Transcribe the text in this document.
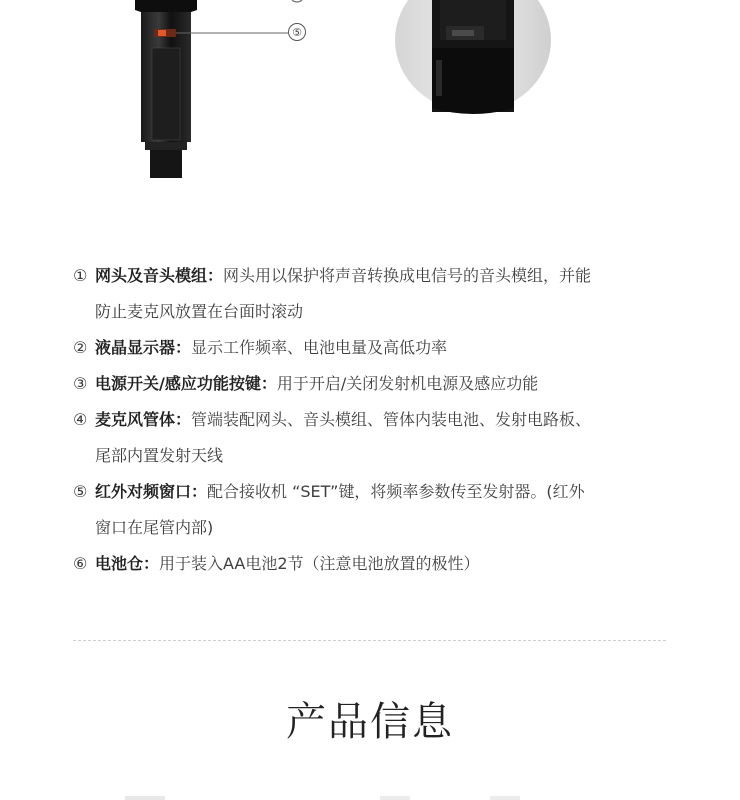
⑤
① 网头及音头模组：网头用以保护将声音转换成电信号的音头模组，并能
防止麦克风放置在台面时滚动
② 液晶显示器：显示工作频率、电池电量及高低功率
③ 电源开关/感应功能按键：用于开启/关闭发射机电源及感应功能
④ 麦克风管体：管端装配网头、音头模组、管体内装电池、发射电路板、
尾部内置发射天线
⑤ 红外对频窗口：配合接收机 “SET”键，将频率参数传至发射器。(红外
窗口在尾管内部)
⑥ 电池仓：用于装入AA电池2节（注意电池放置的极性）
产品信息
